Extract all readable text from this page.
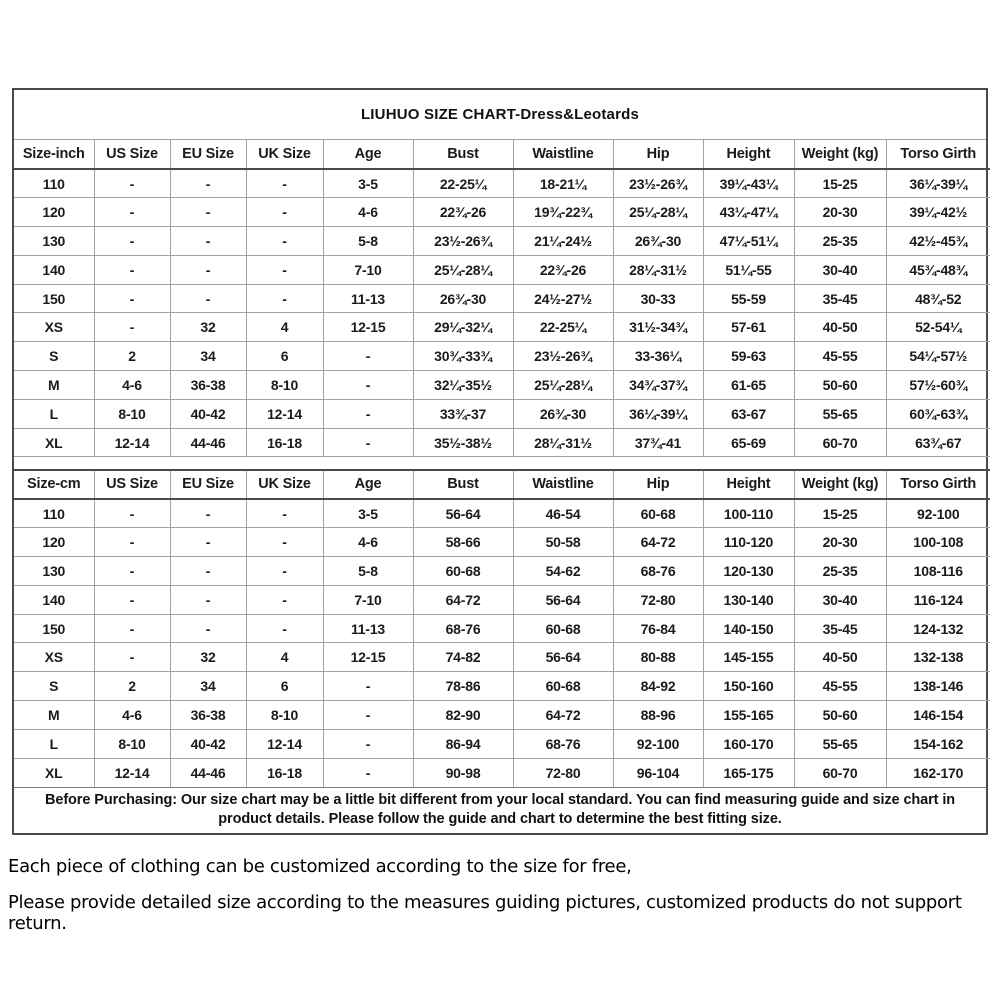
LIUHUO SIZE CHART-Dress&Leotards
Size-inch	US Size	EU Size	UK Size	Age	Bust	Waistline	Hip	Height	Weight (kg)	Torso Girth
110	-	-	-	3-5	22-25¼	18-21¼	23½-26¾	39¼-43¼	15-25	36¼-39¼
120	-	-	-	4-6	22¾-26	19¾-22¾	25¼-28¼	43¼-47¼	20-30	39¼-42½
130	-	-	-	5-8	23½-26¾	21¼-24½	26¾-30	47¼-51¼	25-35	42½-45¾
140	-	-	-	7-10	25¼-28¼	22¾-26	28¼-31½	51¼-55	30-40	45¾-48¾
150	-	-	-	11-13	26¾-30	24½-27½	30-33	55-59	35-45	48¾-52
XS	-	32	4	12-15	29¼-32¼	22-25¼	31½-34¾	57-61	40-50	52-54¼
S	2	34	6	-	30¾-33¾	23½-26¾	33-36¼	59-63	45-55	54¼-57½
M	4-6	36-38	8-10	-	32¼-35½	25¼-28¼	34¾-37¾	61-65	50-60	57½-60¾
L	8-10	40-42	12-14	-	33¾-37	26¾-30	36¼-39¼	63-67	55-65	60¾-63¾
XL	12-14	44-46	16-18	-	35½-38½	28¼-31½	37¾-41	65-69	60-70	63¾-67

Size-cm	US Size	EU Size	UK Size	Age	Bust	Waistline	Hip	Height	Weight (kg)	Torso Girth
110	-	-	-	3-5	56-64	46-54	60-68	100-110	15-25	92-100
120	-	-	-	4-6	58-66	50-58	64-72	110-120	20-30	100-108
130	-	-	-	5-8	60-68	54-62	68-76	120-130	25-35	108-116
140	-	-	-	7-10	64-72	56-64	72-80	130-140	30-40	116-124
150	-	-	-	11-13	68-76	60-68	76-84	140-150	35-45	124-132
XS	-	32	4	12-15	74-82	56-64	80-88	145-155	40-50	132-138
S	2	34	6	-	78-86	60-68	84-92	150-160	45-55	138-146
M	4-6	36-38	8-10	-	82-90	64-72	88-96	155-165	50-60	146-154
L	8-10	40-42	12-14	-	86-94	68-76	92-100	160-170	55-65	154-162
XL	12-14	44-46	16-18	-	90-98	72-80	96-104	165-175	60-70	162-170
Before Purchasing: Our size chart may be a little bit different from your local standard. You can find measuring guide and size chart in product details. Please follow the guide and chart to determine the best fitting size.
Each piece of clothing can be customized according to the size for free,
Please provide detailed size according to the measures guiding pictures, customized products do not support return.
